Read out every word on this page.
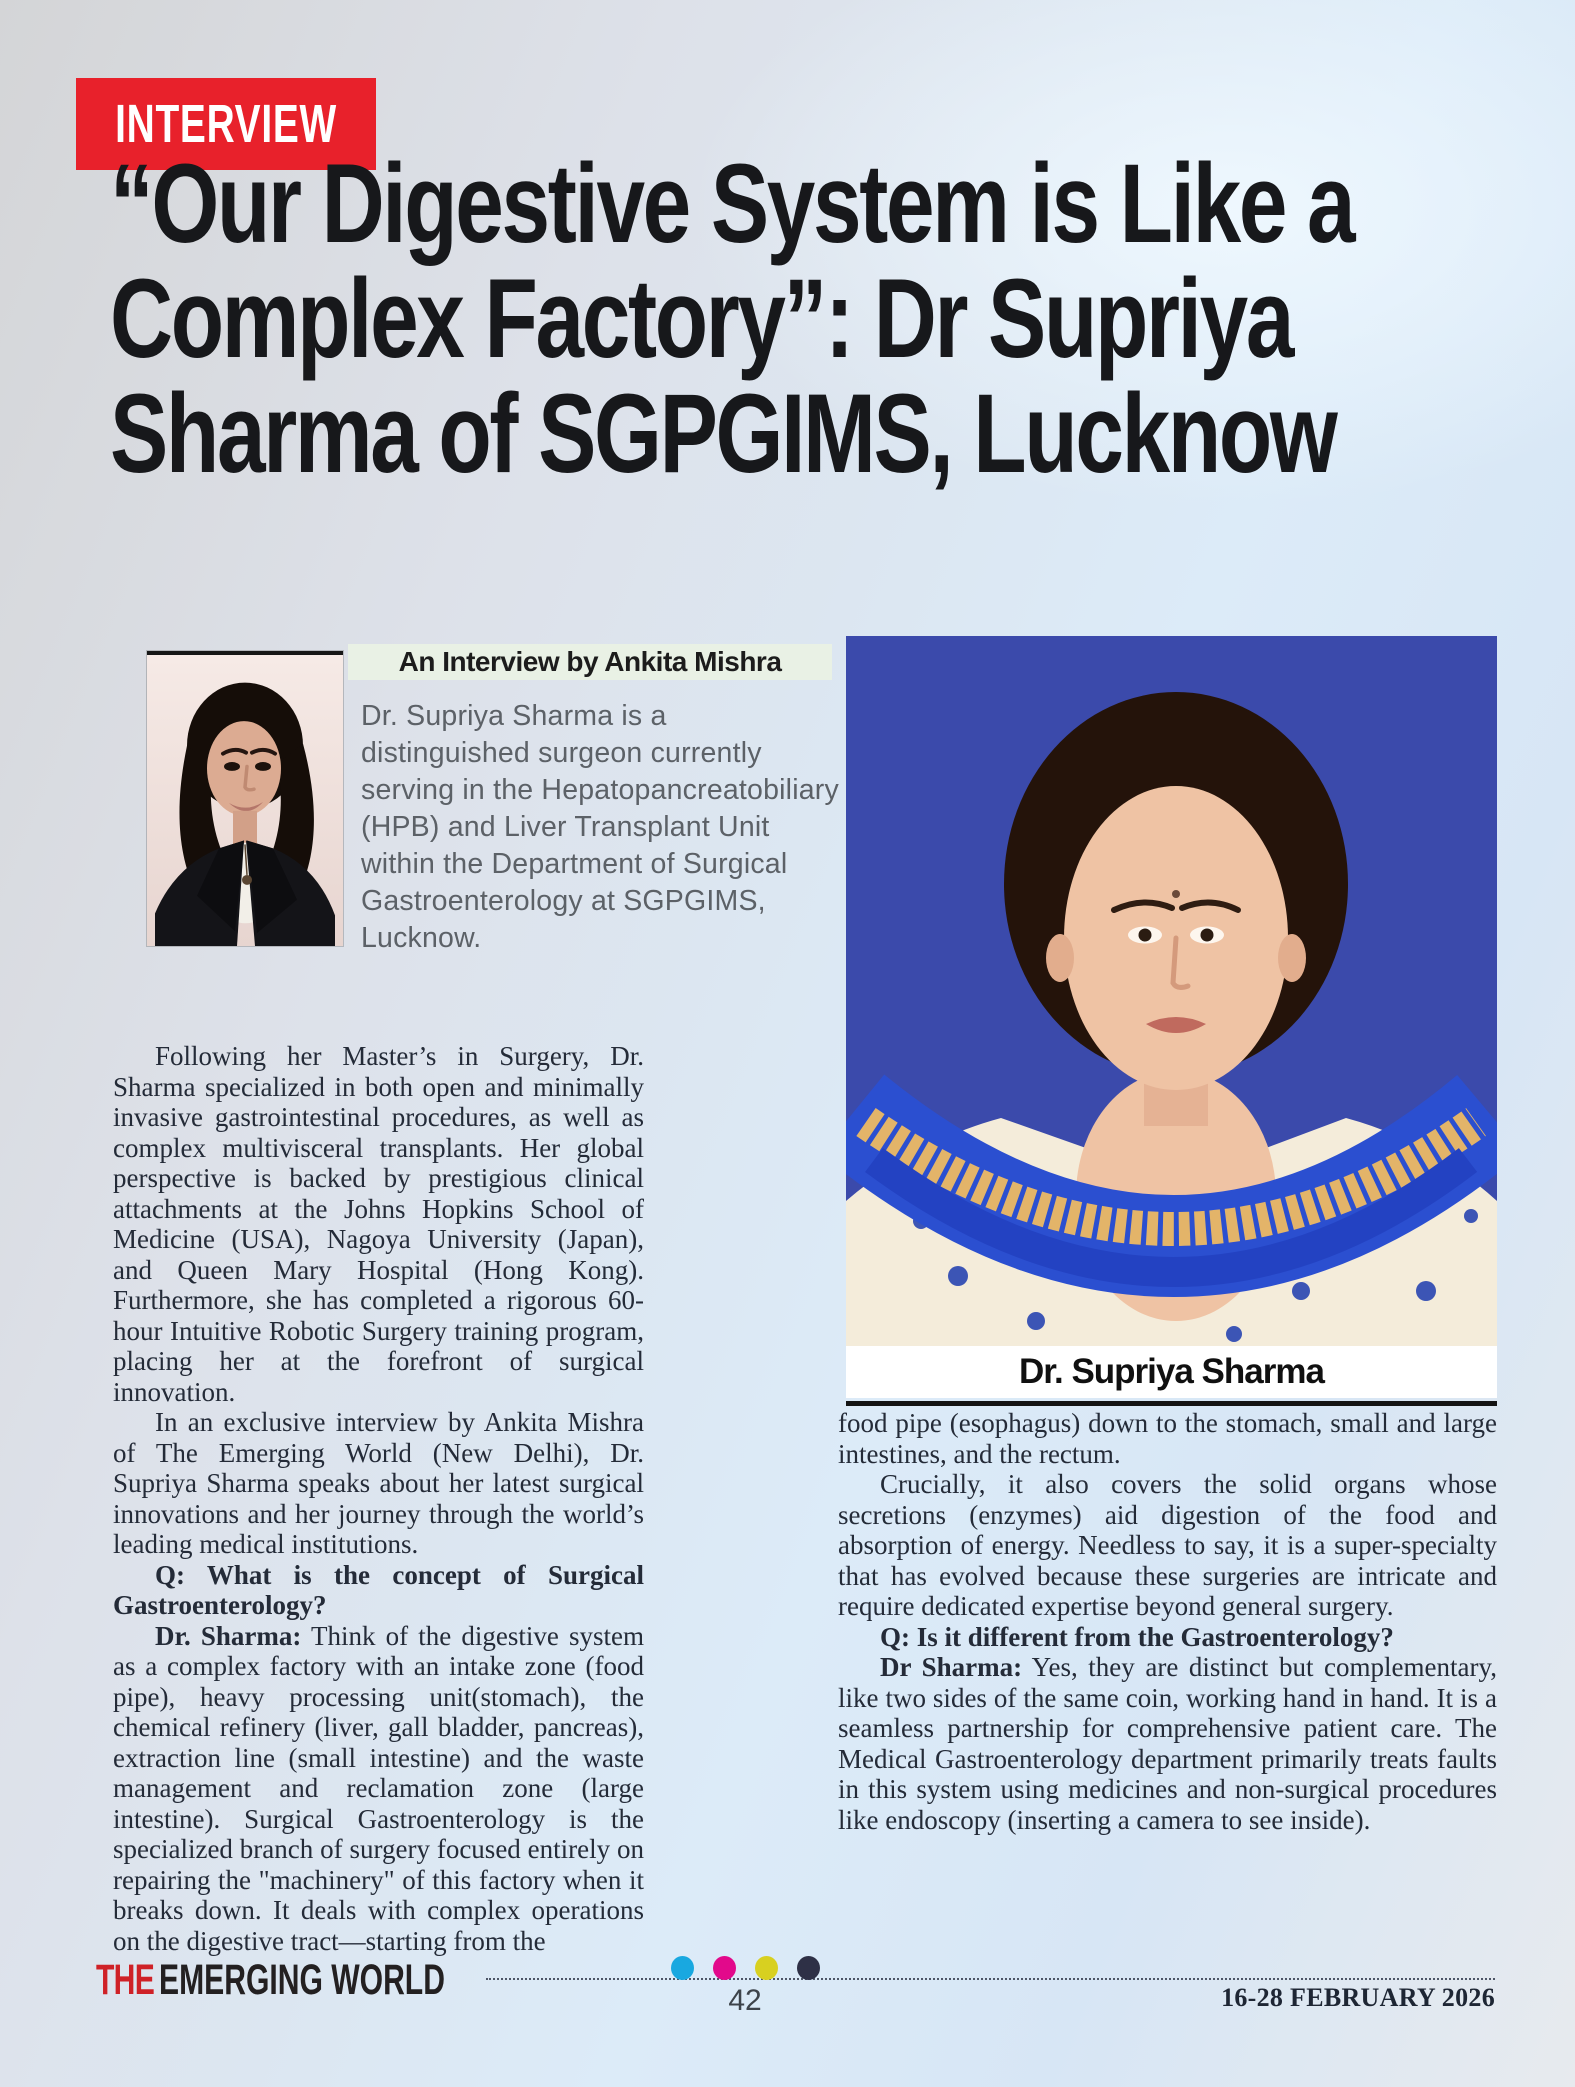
INTERVIEW
“Our Digestive System is Like a
Complex Factory”: Dr Supriya
Sharma of SGPGIMS, Lucknow
An Interview by Ankita Mishra

Dr. Supriya Sharma is a distinguished surgeon currently serving in the Hepatopancreatobiliary (HPB) and Liver Transplant Unit within the Department of Surgical Gastroenterology at SGPGIMS, Lucknow.

Dr. Supriya Sharma

Following her Master’s in Surgery, Dr. Sharma specialized in both open and minimally invasive gastrointestinal procedures, as well as complex multivisceral transplants. Her global perspective is backed by prestigious clinical attachments at the Johns Hopkins School of Medicine (USA), Nagoya University (Japan), and Queen Mary Hospital (Hong Kong). Furthermore, she has completed a rigorous 60-hour Intuitive Robotic Surgery training program, placing her at the forefront of surgical innovation.

In an exclusive interview by Ankita Mishra of The Emerging World (New Delhi), Dr. Supriya Sharma speaks about her latest surgical innovations and her journey through the world’s leading medical institutions.

Q: What is the concept of Surgical Gastroenterology?

Dr. Sharma: Think of the digestive system as a complex factory with an intake zone (food pipe), heavy processing unit(stomach), the chemical refinery (liver, gall bladder, pancreas), extraction line (small intestine) and the waste management and reclamation zone (large intestine). Surgical Gastroenterology is the specialized branch of surgery focused entirely on repairing the "machinery" of this factory when it breaks down. It deals with complex operations on the digestive tract—starting from the

food pipe (esophagus) down to the stomach, small and large intestines, and the rectum.

Crucially, it also covers the solid organs whose secretions (enzymes) aid digestion of the food and absorption of energy. Needless to say, it is a super-specialty that has evolved because these surgeries are intricate and require dedicated expertise beyond general surgery.

Q: Is it different from the Gastroenterology?

Dr Sharma: Yes, they are distinct but complementary, like two sides of the same coin, working hand in hand. It is a seamless partnership for comprehensive patient care. The Medical Gastroenterology department primarily treats faults in this system using medicines and non-surgical procedures like endoscopy (inserting a camera to see inside).

THE EMERGING WORLD	42	16-28 FEBRUARY 2026
